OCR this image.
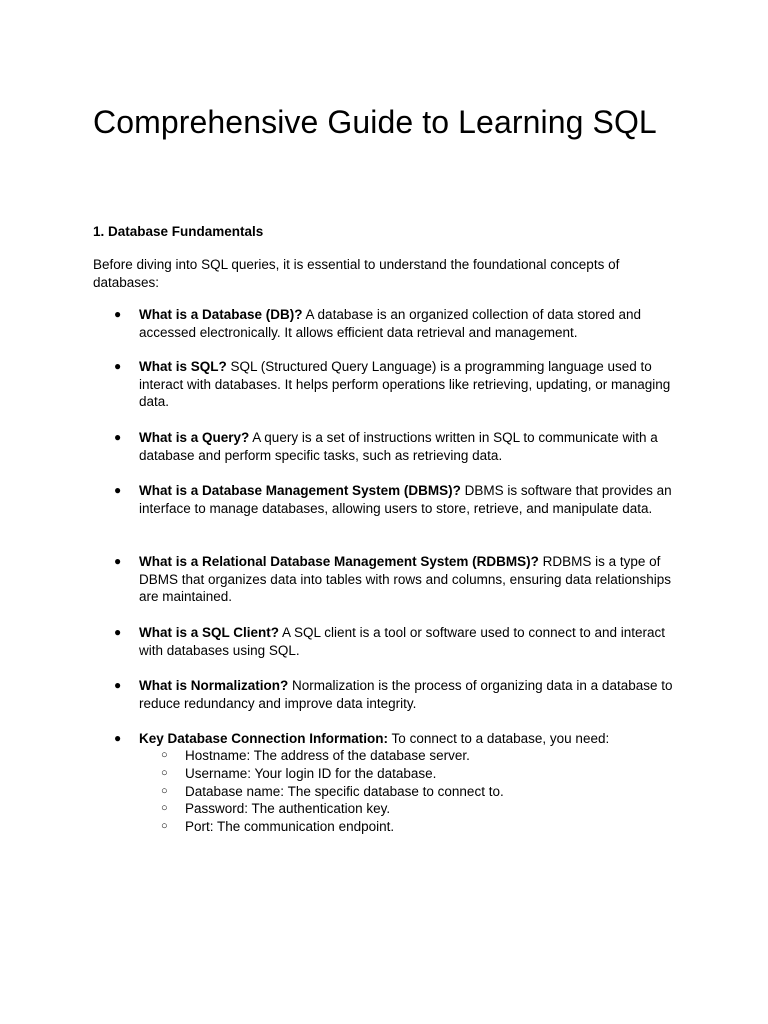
Comprehensive Guide to Learning SQL
1. Database Fundamentals

Before diving into SQL queries, it is essential to understand the foundational concepts of databases:

● What is a Database (DB)? A database is an organized collection of data stored and accessed electronically. It allows efficient data retrieval and management.

● What is SQL? SQL (Structured Query Language) is a programming language used to interact with databases. It helps perform operations like retrieving, updating, or managing data.

● What is a Query? A query is a set of instructions written in SQL to communicate with a database and perform specific tasks, such as retrieving data.

● What is a Database Management System (DBMS)? DBMS is software that provides an interface to manage databases, allowing users to store, retrieve, and manipulate data.

● What is a Relational Database Management System (RDBMS)? RDBMS is a type of DBMS that organizes data into tables with rows and columns, ensuring data relationships are maintained.

● What is a SQL Client? A SQL client is a tool or software used to connect to and interact with databases using SQL.

● What is Normalization? Normalization is the process of organizing data in a database to reduce redundancy and improve data integrity.

● Key Database Connection Information: To connect to a database, you need:

○ Hostname: The address of the database server.
○ Username: Your login ID for the database.
○ Database name: The specific database to connect to.
○ Password: The authentication key.
○ Port: The communication endpoint.
